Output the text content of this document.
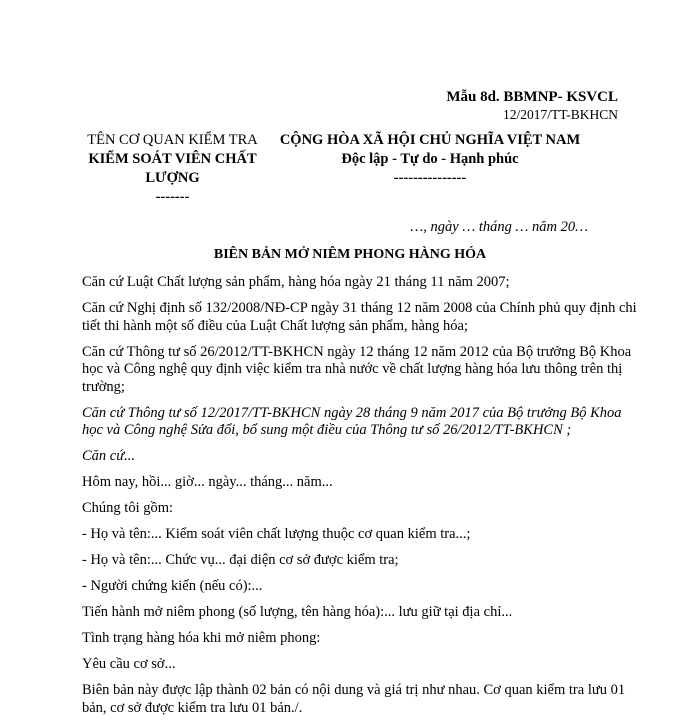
Mẫu 8d. BBMNP- KSVCL
12/2017/TT-BKHCN
TÊN CƠ QUAN KIỂM TRA
KIỂM SOÁT VIÊN CHẤT
LƯỢNG
-------
CỘNG HÒA XÃ HỘI CHỦ NGHĨA VIỆT NAM
Độc lập - Tự do - Hạnh phúc
---------------
…, ngày … tháng … năm 20…
BIÊN BẢN MỞ NIÊM PHONG HÀNG HÓA

Căn cứ Luật Chất lượng sản phẩm, hàng hóa ngày 21 tháng 11 năm 2007;

Căn cứ Nghị định số 132/2008/NĐ-CP ngày 31 tháng 12 năm 2008 của Chính phủ quy định chi tiết thi hành một số điều của Luật Chất lượng sản phẩm, hàng hóa;

Căn cứ Thông tư số 26/2012/TT-BKHCN ngày 12 tháng 12 năm 2012 của Bộ trưởng Bộ Khoa học và Công nghệ quy định việc kiểm tra nhà nước về chất lượng hàng hóa lưu thông trên thị trường;

Căn cứ Thông tư số 12/2017/TT-BKHCN ngày 28 tháng 9 năm 2017 của Bộ trưởng Bộ Khoa học và Công nghệ Sửa đổi, bổ sung một điều của Thông tư số 26/2012/TT-BKHCN ;

Căn cứ...

Hôm nay, hồi... giờ... ngày... tháng... năm...

Chúng tôi gồm:

- Họ và tên:... Kiểm soát viên chất lượng thuộc cơ quan kiểm tra...;

- Họ và tên:... Chức vụ... đại diện cơ sở được kiểm tra;

- Người chứng kiến (nếu có):...

Tiến hành mở niêm phong (số lượng, tên hàng hóa):... lưu giữ tại địa chỉ...

Tình trạng hàng hóa khi mở niêm phong:

Yêu cầu cơ sở...

Biên bản này được lập thành 02 bản có nội dung và giá trị như nhau. Cơ quan kiểm tra lưu 01 bản, cơ sở được kiểm tra lưu 01 bản./.
